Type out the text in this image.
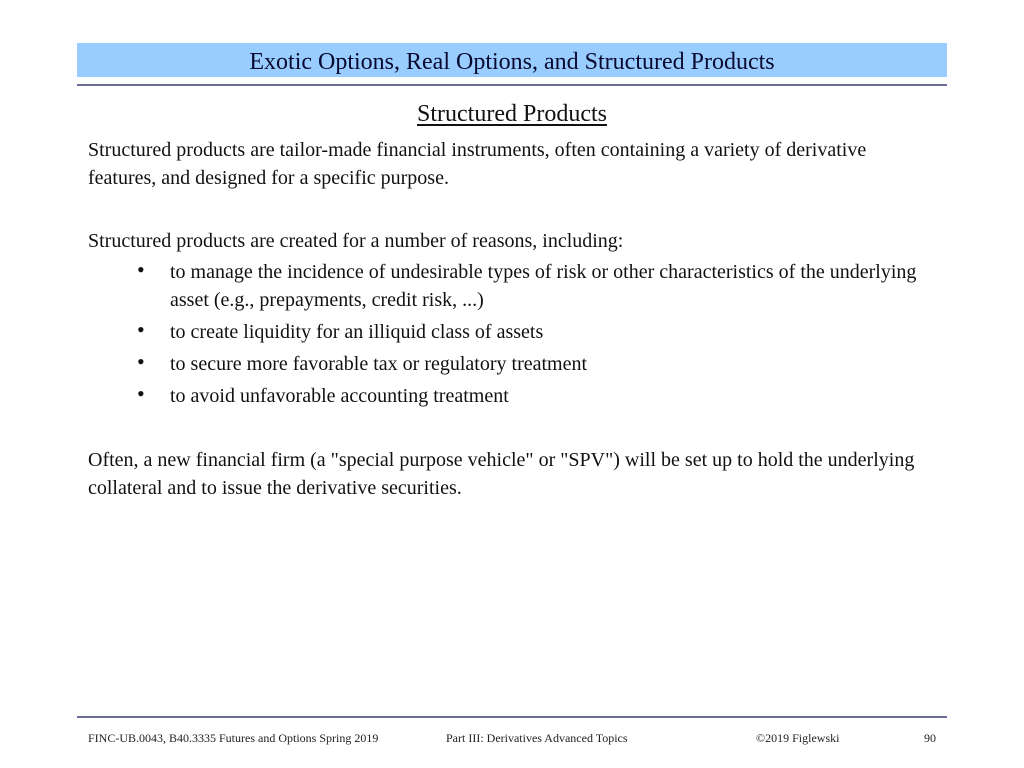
Exotic Options, Real Options, and Structured Products
Structured Products
Structured products are tailor-made financial instruments, often containing a variety of derivative features, and designed for a specific purpose.
Structured products are created for a number of reasons, including:
• to manage the incidence of undesirable types of risk or other characteristics of the underlying asset (e.g., prepayments, credit risk, ...)
• to create liquidity for an illiquid class of assets
• to secure more favorable tax or regulatory treatment
• to avoid unfavorable accounting treatment
Often, a new financial firm (a "special purpose vehicle" or "SPV") will be set up to hold the underlying collateral and to issue the derivative securities.
FINC-UB.0043, B40.3335 Futures and Options Spring 2019	Part III: Derivatives Advanced Topics	©2019 Figlewski	90
